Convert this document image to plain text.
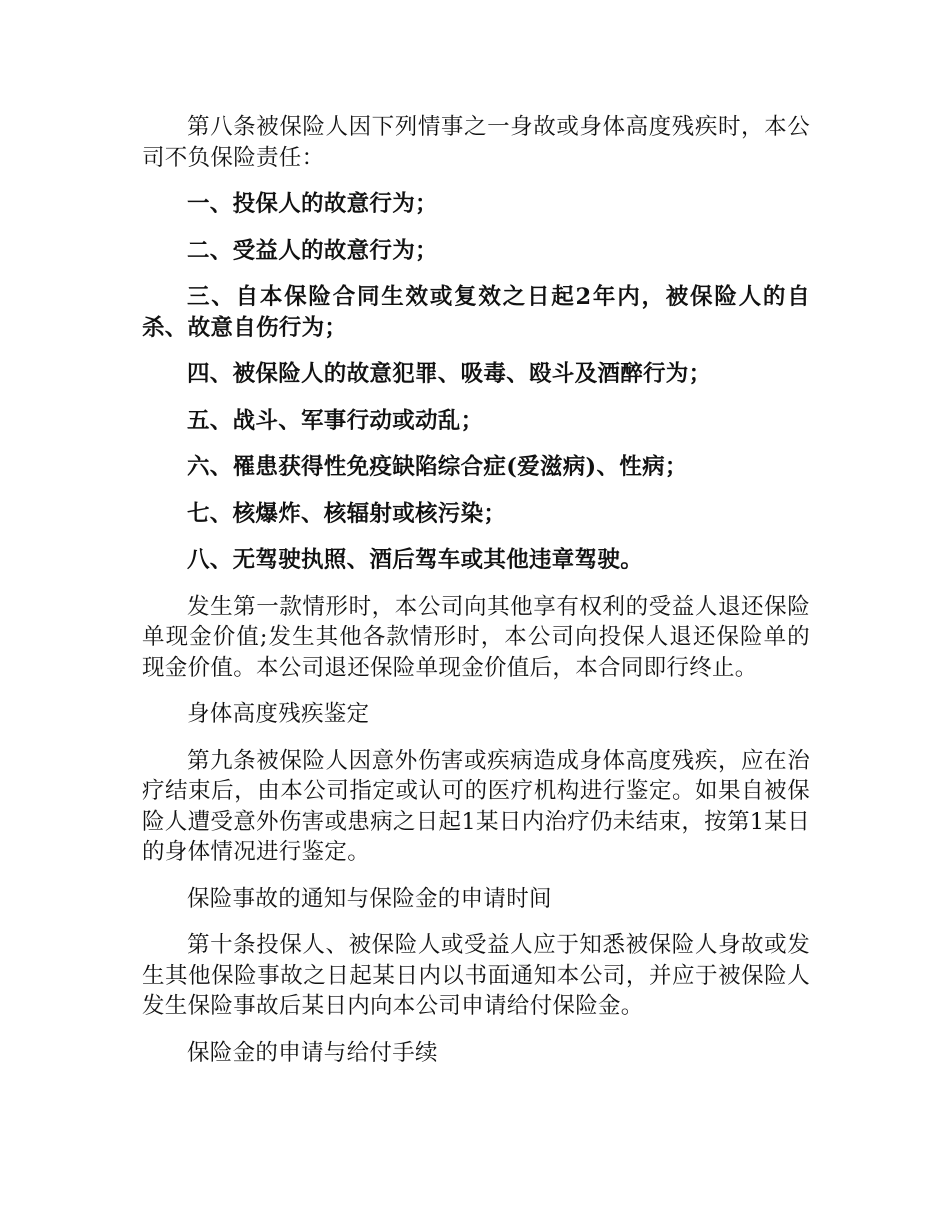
第八条被保险人因下列情事之一身故或身体高度残疾时，本公司不负保险责任：

一、投保人的故意行为；

二、受益人的故意行为；

三、自本保险合同生效或复效之日起2年内，被保险人的自杀、故意自伤行为；

四、被保险人的故意犯罪、吸毒、殴斗及酒醉行为；

五、战斗、军事行动或动乱；

六、罹患获得性免疫缺陷综合症(爱滋病)、性病；

七、核爆炸、核辐射或核污染；

八、无驾驶执照、酒后驾车或其他违章驾驶。

发生第一款情形时，本公司向其他享有权利的受益人退还保险单现金价值;发生其他各款情形时，本公司向投保人退还保险单的现金价值。本公司退还保险单现金价值后，本合同即行终止。

身体高度残疾鉴定

第九条被保险人因意外伤害或疾病造成身体高度残疾，应在治疗结束后，由本公司指定或认可的医疗机构进行鉴定。如果自被保险人遭受意外伤害或患病之日起1某日内治疗仍未结束，按第1某日的身体情况进行鉴定。

保险事故的通知与保险金的申请时间

第十条投保人、被保险人或受益人应于知悉被保险人身故或发生其他保险事故之日起某日内以书面通知本公司，并应于被保险人发生保险事故后某日内向本公司申请给付保险金。

保险金的申请与给付手续
